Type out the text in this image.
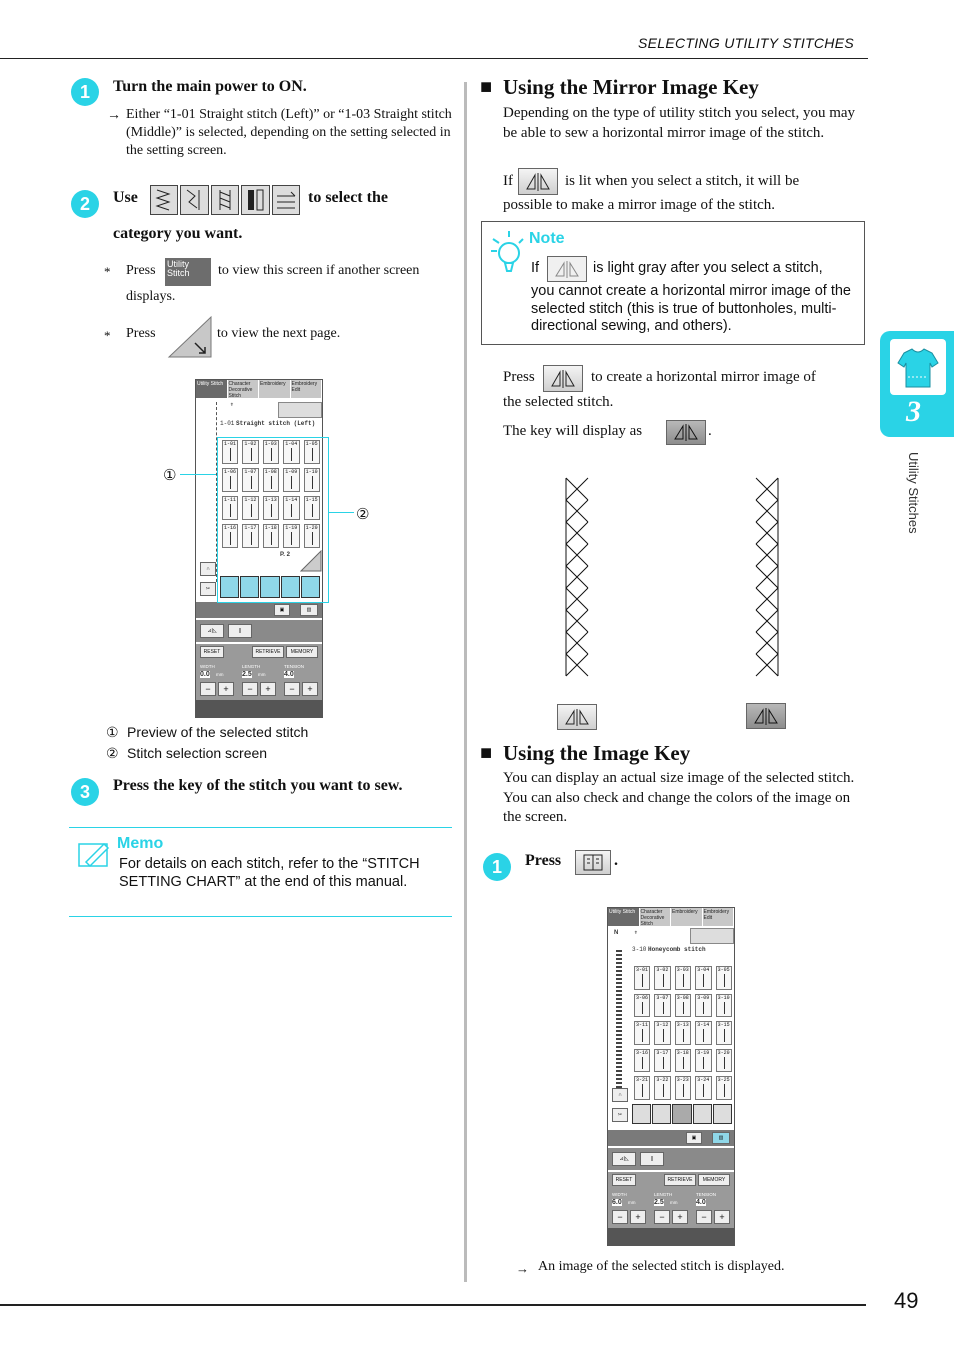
SELECTING UTILITY STITCHES
3
Utility Stitches
1	Turn the main power to ON.
→ Either “1-01 Straight stitch (Left)” or “1-03 Straight stitch (Middle)” is selected, depending on the setting selected in the setting screen.
2	Use	to select the
category you want.
* Press Utility
Stitch	to view this screen if another screen
displays.
* Press	to view the next page.
Utility Stitch	Character Decorative Stitch
Embroidery	Embroidery Edit
✝
1-01 Straight stitch (Left)
1-01 1-02 1-03 1-04 1-05
1-06 1-07 1-08 1-09 1-10
1-11 1-12 1-13 1-14 1-15
1-16 1-17 1-18 1-19 1-20
P. 2
∩
✂
▣	▥
⊿|◺	||
RESET	RETRIEVE	MEMORY
WIDTH	LENGTH	TENSION
0.0 mm	2.5 mm	4.0
−	+	−	+	−	+
①
②
① Preview of the selected stitch
② Stitch selection screen
3	Press the key of the stitch you want to sew.
Memo
For details on each stitch, refer to the “STITCH SETTING CHART” at the end of this manual.
■ Using the Mirror Image Key
Depending on the type of utility stitch you select, you may be able to sew a horizontal mirror image of the stitch.
If	is lit when you select a stitch, it will be
possible to make a mirror image of the stitch.
Note
If	is light gray after you select a stitch,
you cannot create a horizontal mirror image of the selected stitch (this is true of buttonholes, multi-directional sewing, and others).
Press	to create a horizontal mirror image of
the selected stitch.
The key will display as	.
■ Using the Image Key
You can display an actual size image of the selected stitch. You can also check and change the colors of the image on the screen.
1	Press	.
Utility Stitch	Character Decorative Stitch
Embroidery	Embroidery Edit
N	✝
3-10 Honeycomb stitch
3-01 3-02 3-03 3-04 3-05
3-06 3-07 3-08 3-09 3-10
3-11 3-12 3-13 3-14 3-15
3-16 3-17 3-18 3-19 3-20
3-21 3-22 3-23 3-24 3-25
∩
✂
▣	▥
⊿|◺	||
RESET	RETRIEVE	MEMORY
WIDTH	LENGTH	TENSION
6.0 mm	2.5 mm	4.0
−	+	−	+	−	+
→ An image of the selected stitch is displayed.
49
